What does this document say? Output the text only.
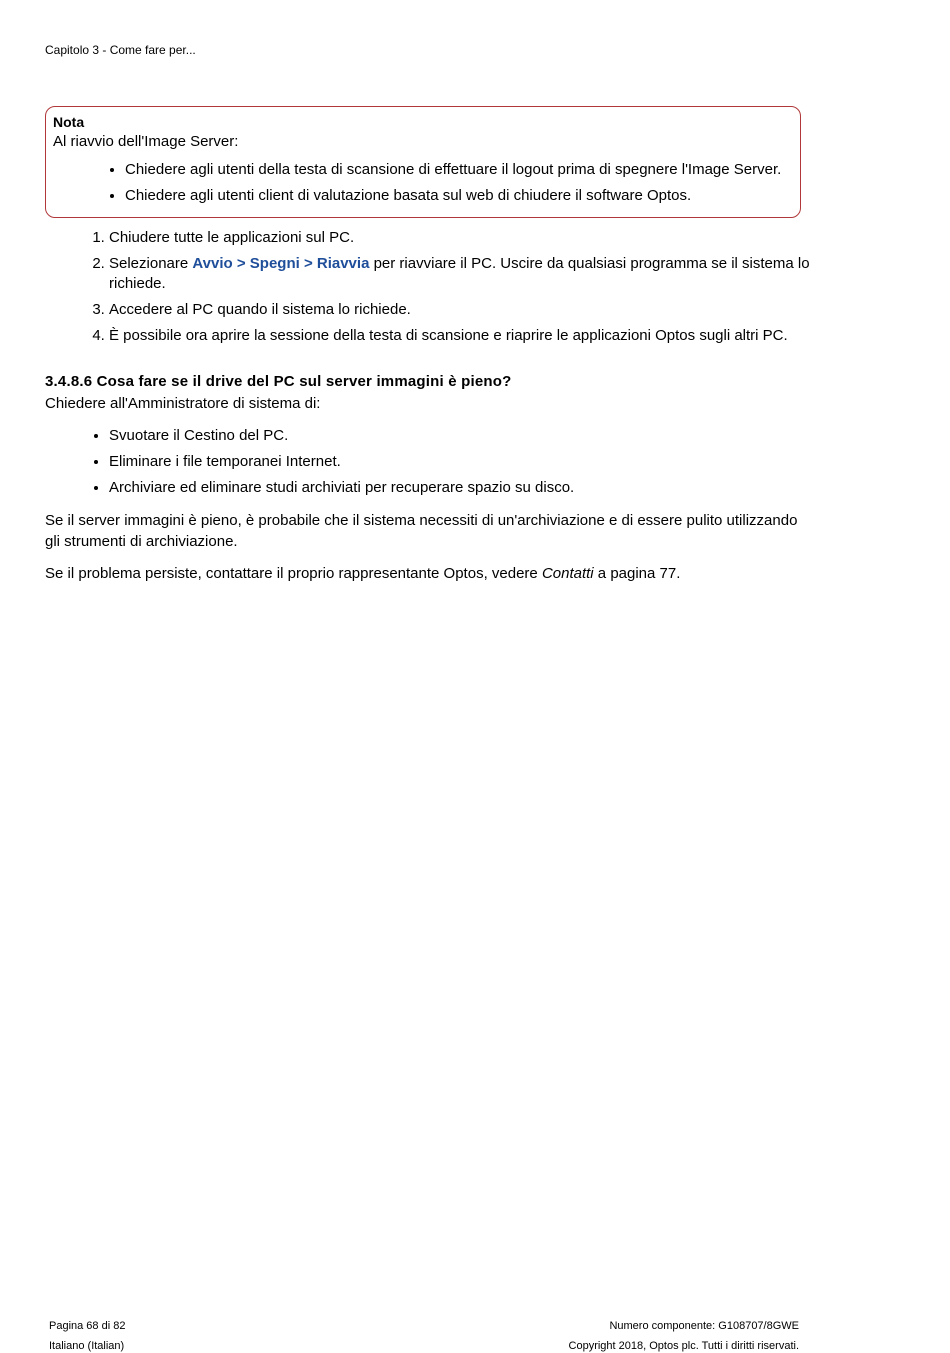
Capitolo 3 - Come fare per...
Nota
Al riavvio dell'Image Server:
• Chiedere agli utenti della testa di scansione di effettuare il logout prima di spegnere l'Image Server.
• Chiedere agli utenti client di valutazione basata sul web di chiudere il software Optos.
1. Chiudere tutte le applicazioni sul PC.
2. Selezionare Avvio > Spegni > Riavvia per riavviare il PC. Uscire da qualsiasi programma se il sistema lo richiede.
3. Accedere al PC quando il sistema lo richiede.
4. È possibile ora aprire la sessione della testa di scansione e riaprire le applicazioni Optos sugli altri PC.
3.4.8.6 Cosa fare se il drive del PC sul server immagini è pieno?

Chiedere all'Amministratore di sistema di:

• Svuotare il Cestino del PC.
• Eliminare i file temporanei Internet.
• Archiviare ed eliminare studi archiviati per recuperare spazio su disco.

Se il server immagini è pieno, è probabile che il sistema necessiti di un'archiviazione e di essere pulito utilizzando gli strumenti di archiviazione.

Se il problema persiste, contattare il proprio rappresentante Optos, vedere Contatti a pagina 77.

Pagina 68 di 82
Italiano (Italian)
Numero componente: G108707/8GWE
Copyright 2018, Optos plc. Tutti i diritti riservati.
